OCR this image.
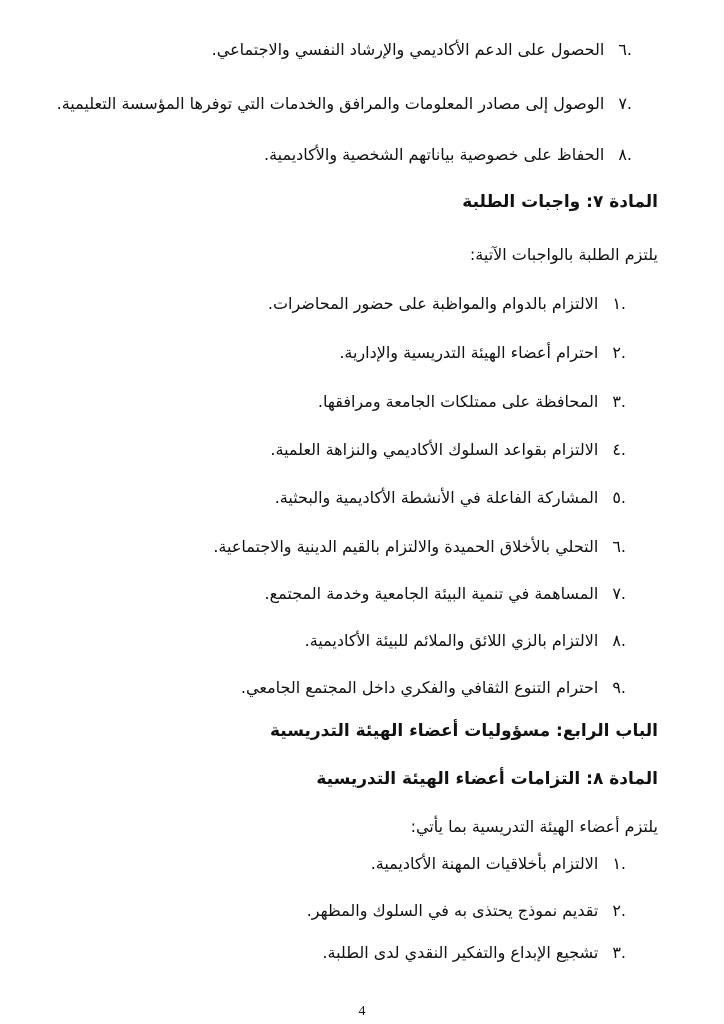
.٦
الحصول على الدعم الأكاديمي والإرشاد النفسي والاجتماعي.
.٧
الوصول إلى مصادر المعلومات والمرافق والخدمات التي توفرها المؤسسة التعليمية.
.٨
الحفاظ على خصوصية بياناتهم الشخصية والأكاديمية.
المادة ٧: واجبات الطلبة
يلتزم الطلبة بالواجبات الآتية:
.١
الالتزام بالدوام والمواظبة على حضور المحاضرات.
.٢
احترام أعضاء الهيئة التدريسية والإدارية.
.٣
المحافظة على ممتلكات الجامعة ومرافقها.
.٤
الالتزام بقواعد السلوك الأكاديمي والنزاهة العلمية.
.٥
المشاركة الفاعلة في الأنشطة الأكاديمية والبحثية.
.٦
التحلي بالأخلاق الحميدة والالتزام بالقيم الدينية والاجتماعية.
.٧
المساهمة في تنمية البيئة الجامعية وخدمة المجتمع.
.٨
الالتزام بالزي اللائق والملائم للبيئة الأكاديمية.
.٩
احترام التنوع الثقافي والفكري داخل المجتمع الجامعي.
الباب الرابع: مسؤوليات أعضاء الهيئة التدريسية
المادة ٨: التزامات أعضاء الهيئة التدريسية
يلتزم أعضاء الهيئة التدريسية بما يأتي:
.١
الالتزام بأخلاقيات المهنة الأكاديمية.
.٢
تقديم نموذج يحتذى به في السلوك والمظهر.
.٣
تشجيع الإبداع والتفكير النقدي لدى الطلبة.
4
